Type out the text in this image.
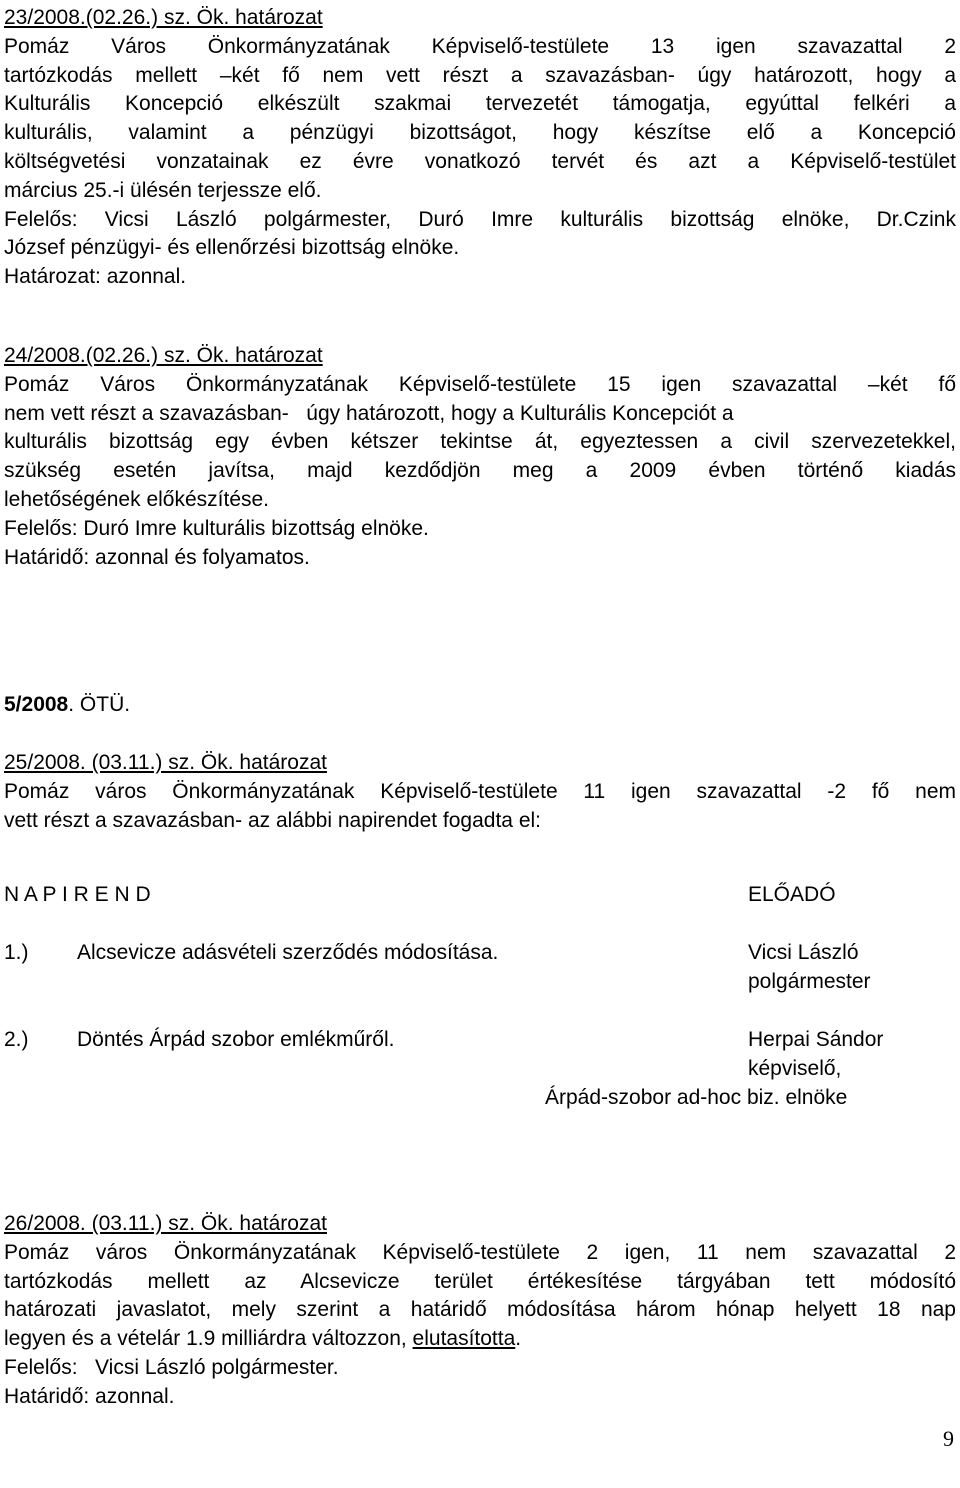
23/2008.(02.26.) sz. Ök. határozat
Pomáz Város Önkormányzatának Képviselő-testülete 13 igen szavazattal 2
tartózkodás mellett –két fő nem vett részt a szavazásban- úgy határozott, hogy a
Kulturális Koncepció elkészült szakmai tervezetét támogatja, egyúttal felkéri a
kulturális, valamint a pénzügyi bizottságot, hogy készítse elő a Koncepció
költségvetési vonzatainak ez évre vonatkozó tervét és azt a Képviselő-testület
március 25.-i ülésén terjessze elő.
Felelős: Vicsi László polgármester, Duró Imre kulturális bizottság elnöke, Dr.Czink
József pénzügyi- és ellenőrzési bizottság elnöke.
Határozat: azonnal.
24/2008.(02.26.) sz. Ök. határozat
Pomáz Város Önkormányzatának Képviselő-testülete 15 igen szavazattal –két fő
nem vett részt a szavazásban-   úgy határozott, hogy a Kulturális Koncepciót a
kulturális bizottság egy évben kétszer tekintse át, egyeztessen a civil szervezetekkel,
szükség esetén javítsa, majd kezdődjön meg a 2009 évben történő kiadás
lehetőségének előkészítése.
Felelős: Duró Imre kulturális bizottság elnöke.
Határidő: azonnal és folyamatos.
5/2008. ÖTÜ.
25/2008. (03.11.) sz. Ök. határozat
Pomáz város Önkormányzatának Képviselő-testülete 11 igen szavazattal -2 fő nem
vett részt a szavazásban- az alábbi napirendet fogadta el:
N A P I R E N D	ELŐADÓ
1.) Alcsevicze adásvételi szerződés módosítása.	Vicsi László
polgármester
2.) Döntés Árpád szobor emlékműről.	Herpai Sándor
képviselő,
Árpád-szobor ad-hoc biz. elnöke
26/2008. (03.11.) sz. Ök. határozat
Pomáz város Önkormányzatának Képviselő-testülete 2 igen, 11 nem szavazattal 2
tartózkodás mellett az Alcsevicze terület értékesítése tárgyában tett módosító
határozati javaslatot, mely szerint a határidő módosítása három hónap helyett 18 nap
legyen és a vételár 1.9 milliárdra változzon, elutasította.
Felelős:   Vicsi László polgármester.
Határidő: azonnal.
9
